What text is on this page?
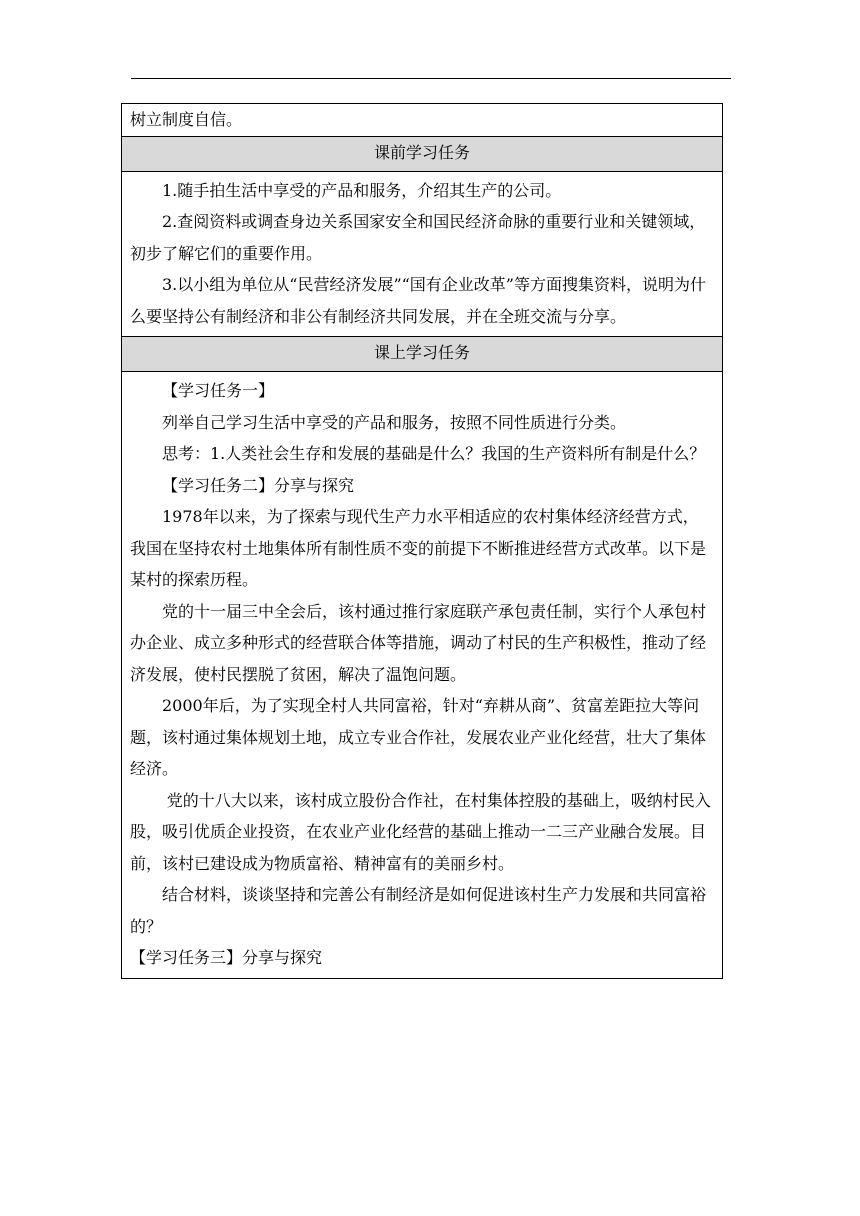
树立制度自信。

课前学习任务

1.随手拍生活中享受的产品和服务，介绍其生产的公司。

2.查阅资料或调查身边关系国家安全和国民经济命脉的重要行业和关键领域，初步了解它们的重要作用。

3.以小组为单位从“民营经济发展”“国有企业改革”等方面搜集资料，说明为什么要坚持公有制经济和非公有制经济共同发展，并在全班交流与分享。

课上学习任务

【学习任务一】

列举自己学习生活中享受的产品和服务，按照不同性质进行分类。

思考：1.人类社会生存和发展的基础是什么？我国的生产资料所有制是什么？

【学习任务二】分享与探究

1978年以来，为了探索与现代生产力水平相适应的农村集体经济经营方式，我国在坚持农村土地集体所有制性质不变的前提下不断推进经营方式改革。以下是某村的探索历程。

党的十一届三中全会后，该村通过推行家庭联产承包责任制，实行个人承包村办企业、成立多种形式的经营联合体等措施，调动了村民的生产积极性，推动了经济发展，使村民摆脱了贫困，解决了温饱问题。

2000年后，为了实现全村人共同富裕，针对“弃耕从商”、贫富差距拉大等问题，该村通过集体规划土地，成立专业合作社，发展农业产业化经营，壮大了集体经济。

党的十八大以来，该村成立股份合作社，在村集体控股的基础上，吸纳村民入股，吸引优质企业投资，在农业产业化经营的基础上推动一二三产业融合发展。目前，该村已建设成为物质富裕、精神富有的美丽乡村。

结合材料，谈谈坚持和完善公有制经济是如何促进该村生产力发展和共同富裕的？

【学习任务三】分享与探究
